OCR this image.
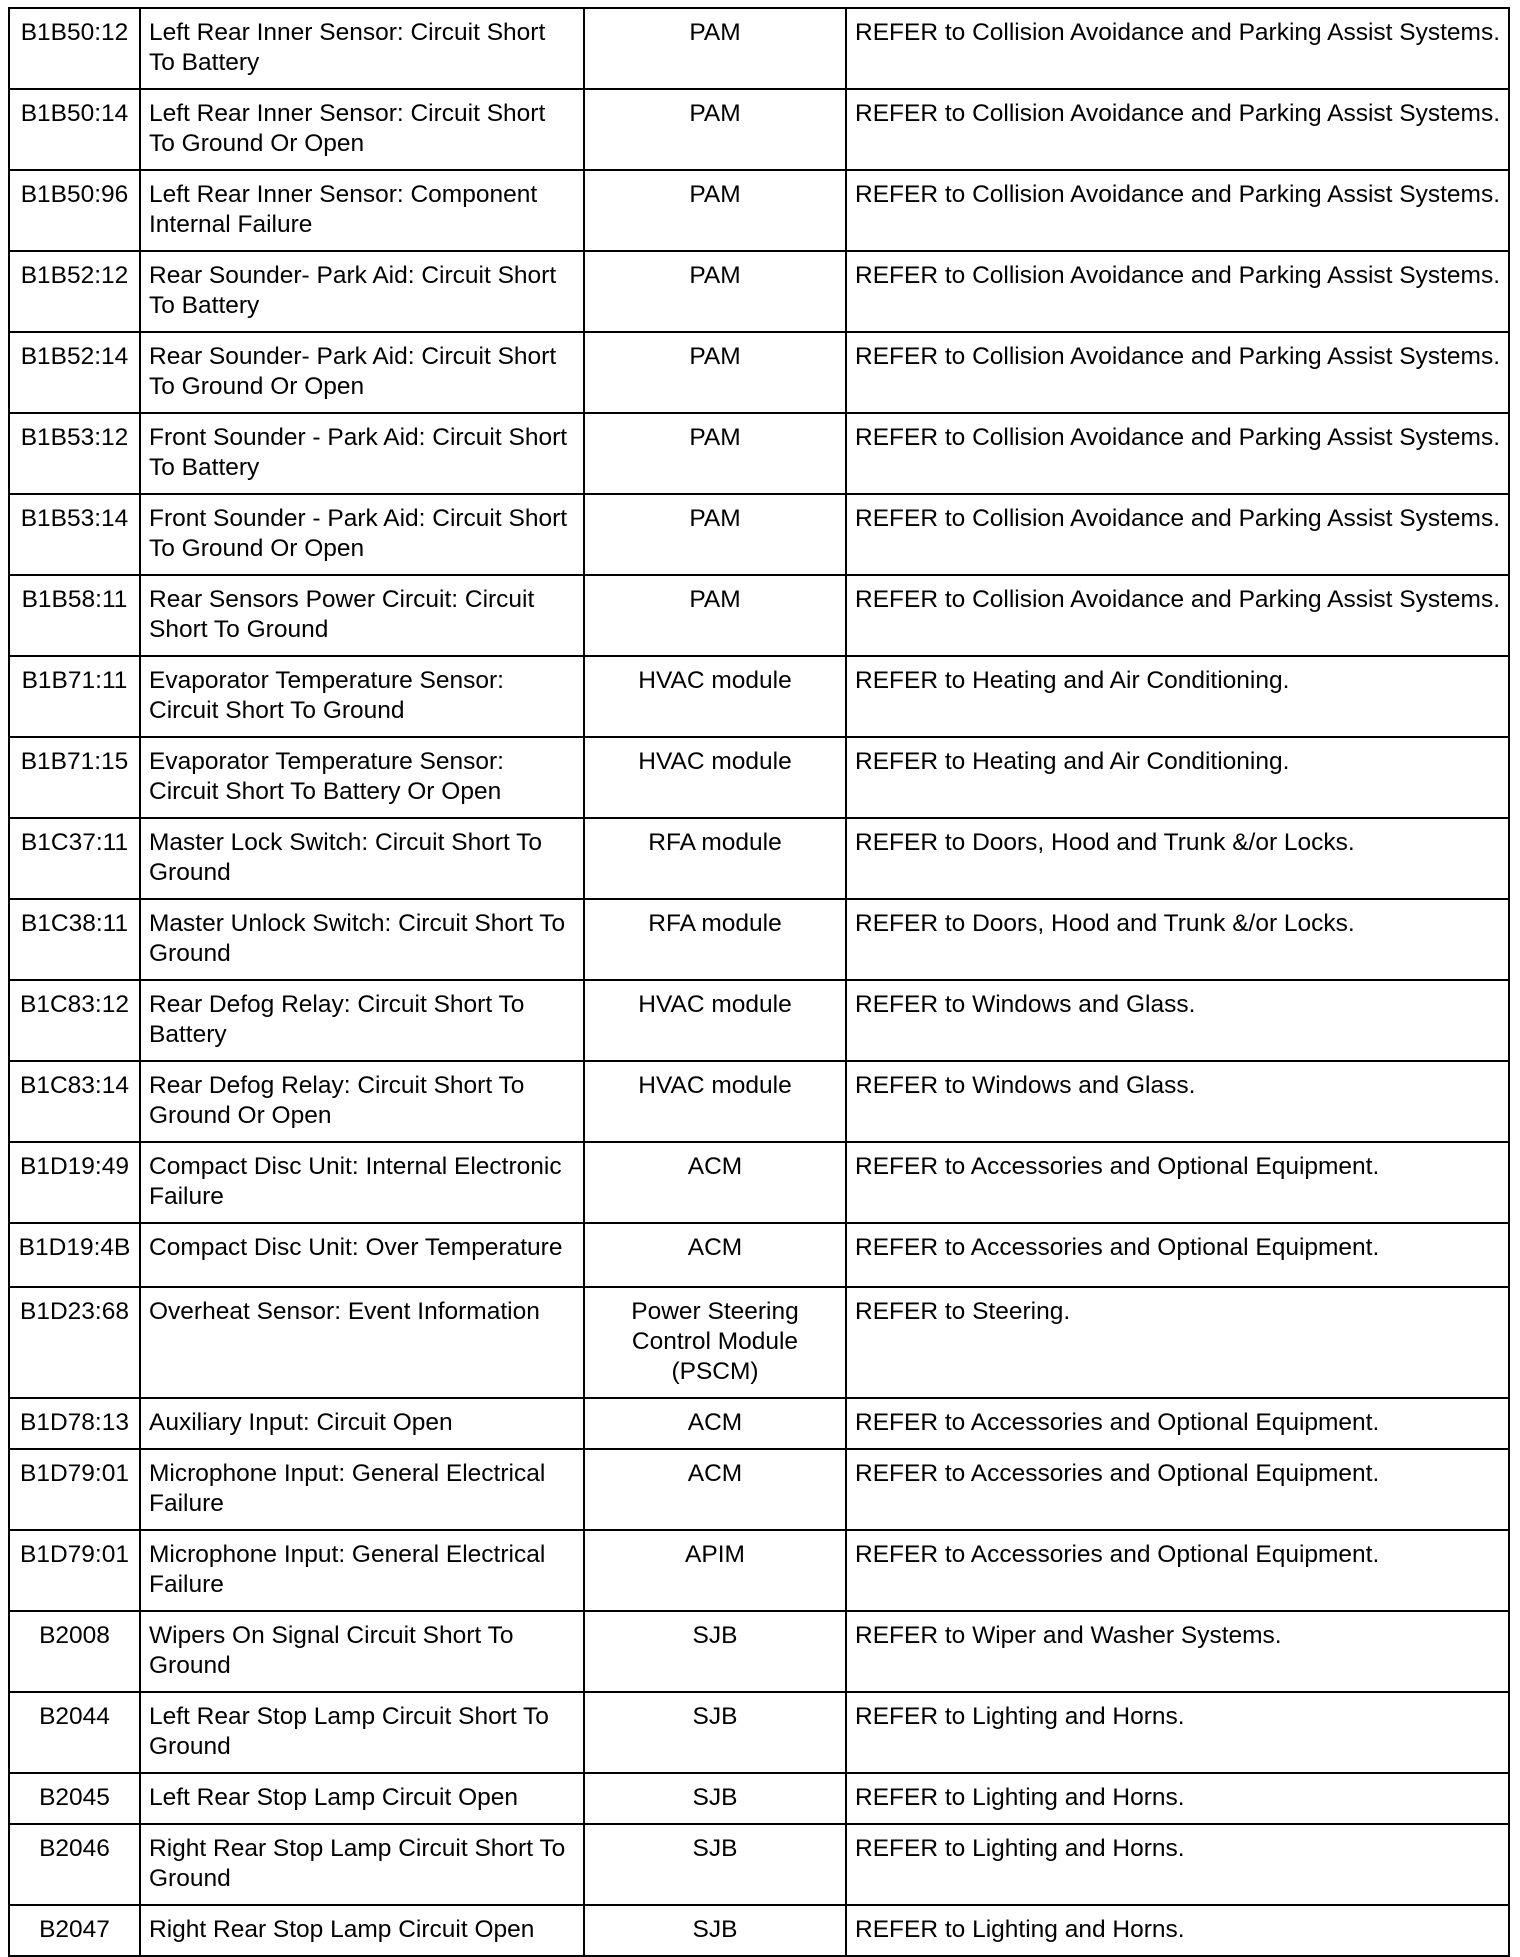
B1B50:12	Left Rear Inner Sensor: Circuit Short To Battery	PAM	REFER to Collision Avoidance and Parking Assist Systems.
B1B50:14	Left Rear Inner Sensor: Circuit Short To Ground Or Open	PAM	REFER to Collision Avoidance and Parking Assist Systems.
B1B50:96	Left Rear Inner Sensor: Component Internal Failure	PAM	REFER to Collision Avoidance and Parking Assist Systems.
B1B52:12	Rear Sounder- Park Aid: Circuit Short To Battery	PAM	REFER to Collision Avoidance and Parking Assist Systems.
B1B52:14	Rear Sounder- Park Aid: Circuit Short To Ground Or Open	PAM	REFER to Collision Avoidance and Parking Assist Systems.
B1B53:12	Front Sounder - Park Aid: Circuit Short To Battery	PAM	REFER to Collision Avoidance and Parking Assist Systems.
B1B53:14	Front Sounder - Park Aid: Circuit Short To Ground Or Open	PAM	REFER to Collision Avoidance and Parking Assist Systems.
B1B58:11	Rear Sensors Power Circuit: Circuit Short To Ground	PAM	REFER to Collision Avoidance and Parking Assist Systems.
B1B71:11	Evaporator Temperature Sensor: Circuit Short To Ground	HVAC module	REFER to Heating and Air Conditioning.
B1B71:15	Evaporator Temperature Sensor: Circuit Short To Battery Or Open	HVAC module	REFER to Heating and Air Conditioning.
B1C37:11	Master Lock Switch: Circuit Short To Ground	RFA module	REFER to Doors, Hood and Trunk &/or Locks.
B1C38:11	Master Unlock Switch: Circuit Short To Ground	RFA module	REFER to Doors, Hood and Trunk &/or Locks.
B1C83:12	Rear Defog Relay: Circuit Short To Battery	HVAC module	REFER to Windows and Glass.
B1C83:14	Rear Defog Relay: Circuit Short To Ground Or Open	HVAC module	REFER to Windows and Glass.
B1D19:49	Compact Disc Unit: Internal Electronic Failure	ACM	REFER to Accessories and Optional Equipment.
B1D19:4B	Compact Disc Unit: Over Temperature	ACM	REFER to Accessories and Optional Equipment.
B1D23:68	Overheat Sensor: Event Information	Power Steering Control Module (PSCM)	REFER to Steering.
B1D78:13	Auxiliary Input: Circuit Open	ACM	REFER to Accessories and Optional Equipment.
B1D79:01	Microphone Input: General Electrical Failure	ACM	REFER to Accessories and Optional Equipment.
B1D79:01	Microphone Input: General Electrical Failure	APIM	REFER to Accessories and Optional Equipment.
B2008	Wipers On Signal Circuit Short To Ground	SJB	REFER to Wiper and Washer Systems.
B2044	Left Rear Stop Lamp Circuit Short To Ground	SJB	REFER to Lighting and Horns.
B2045	Left Rear Stop Lamp Circuit Open	SJB	REFER to Lighting and Horns.
B2046	Right Rear Stop Lamp Circuit Short To Ground	SJB	REFER to Lighting and Horns.
B2047	Right Rear Stop Lamp Circuit Open	SJB	REFER to Lighting and Horns.
